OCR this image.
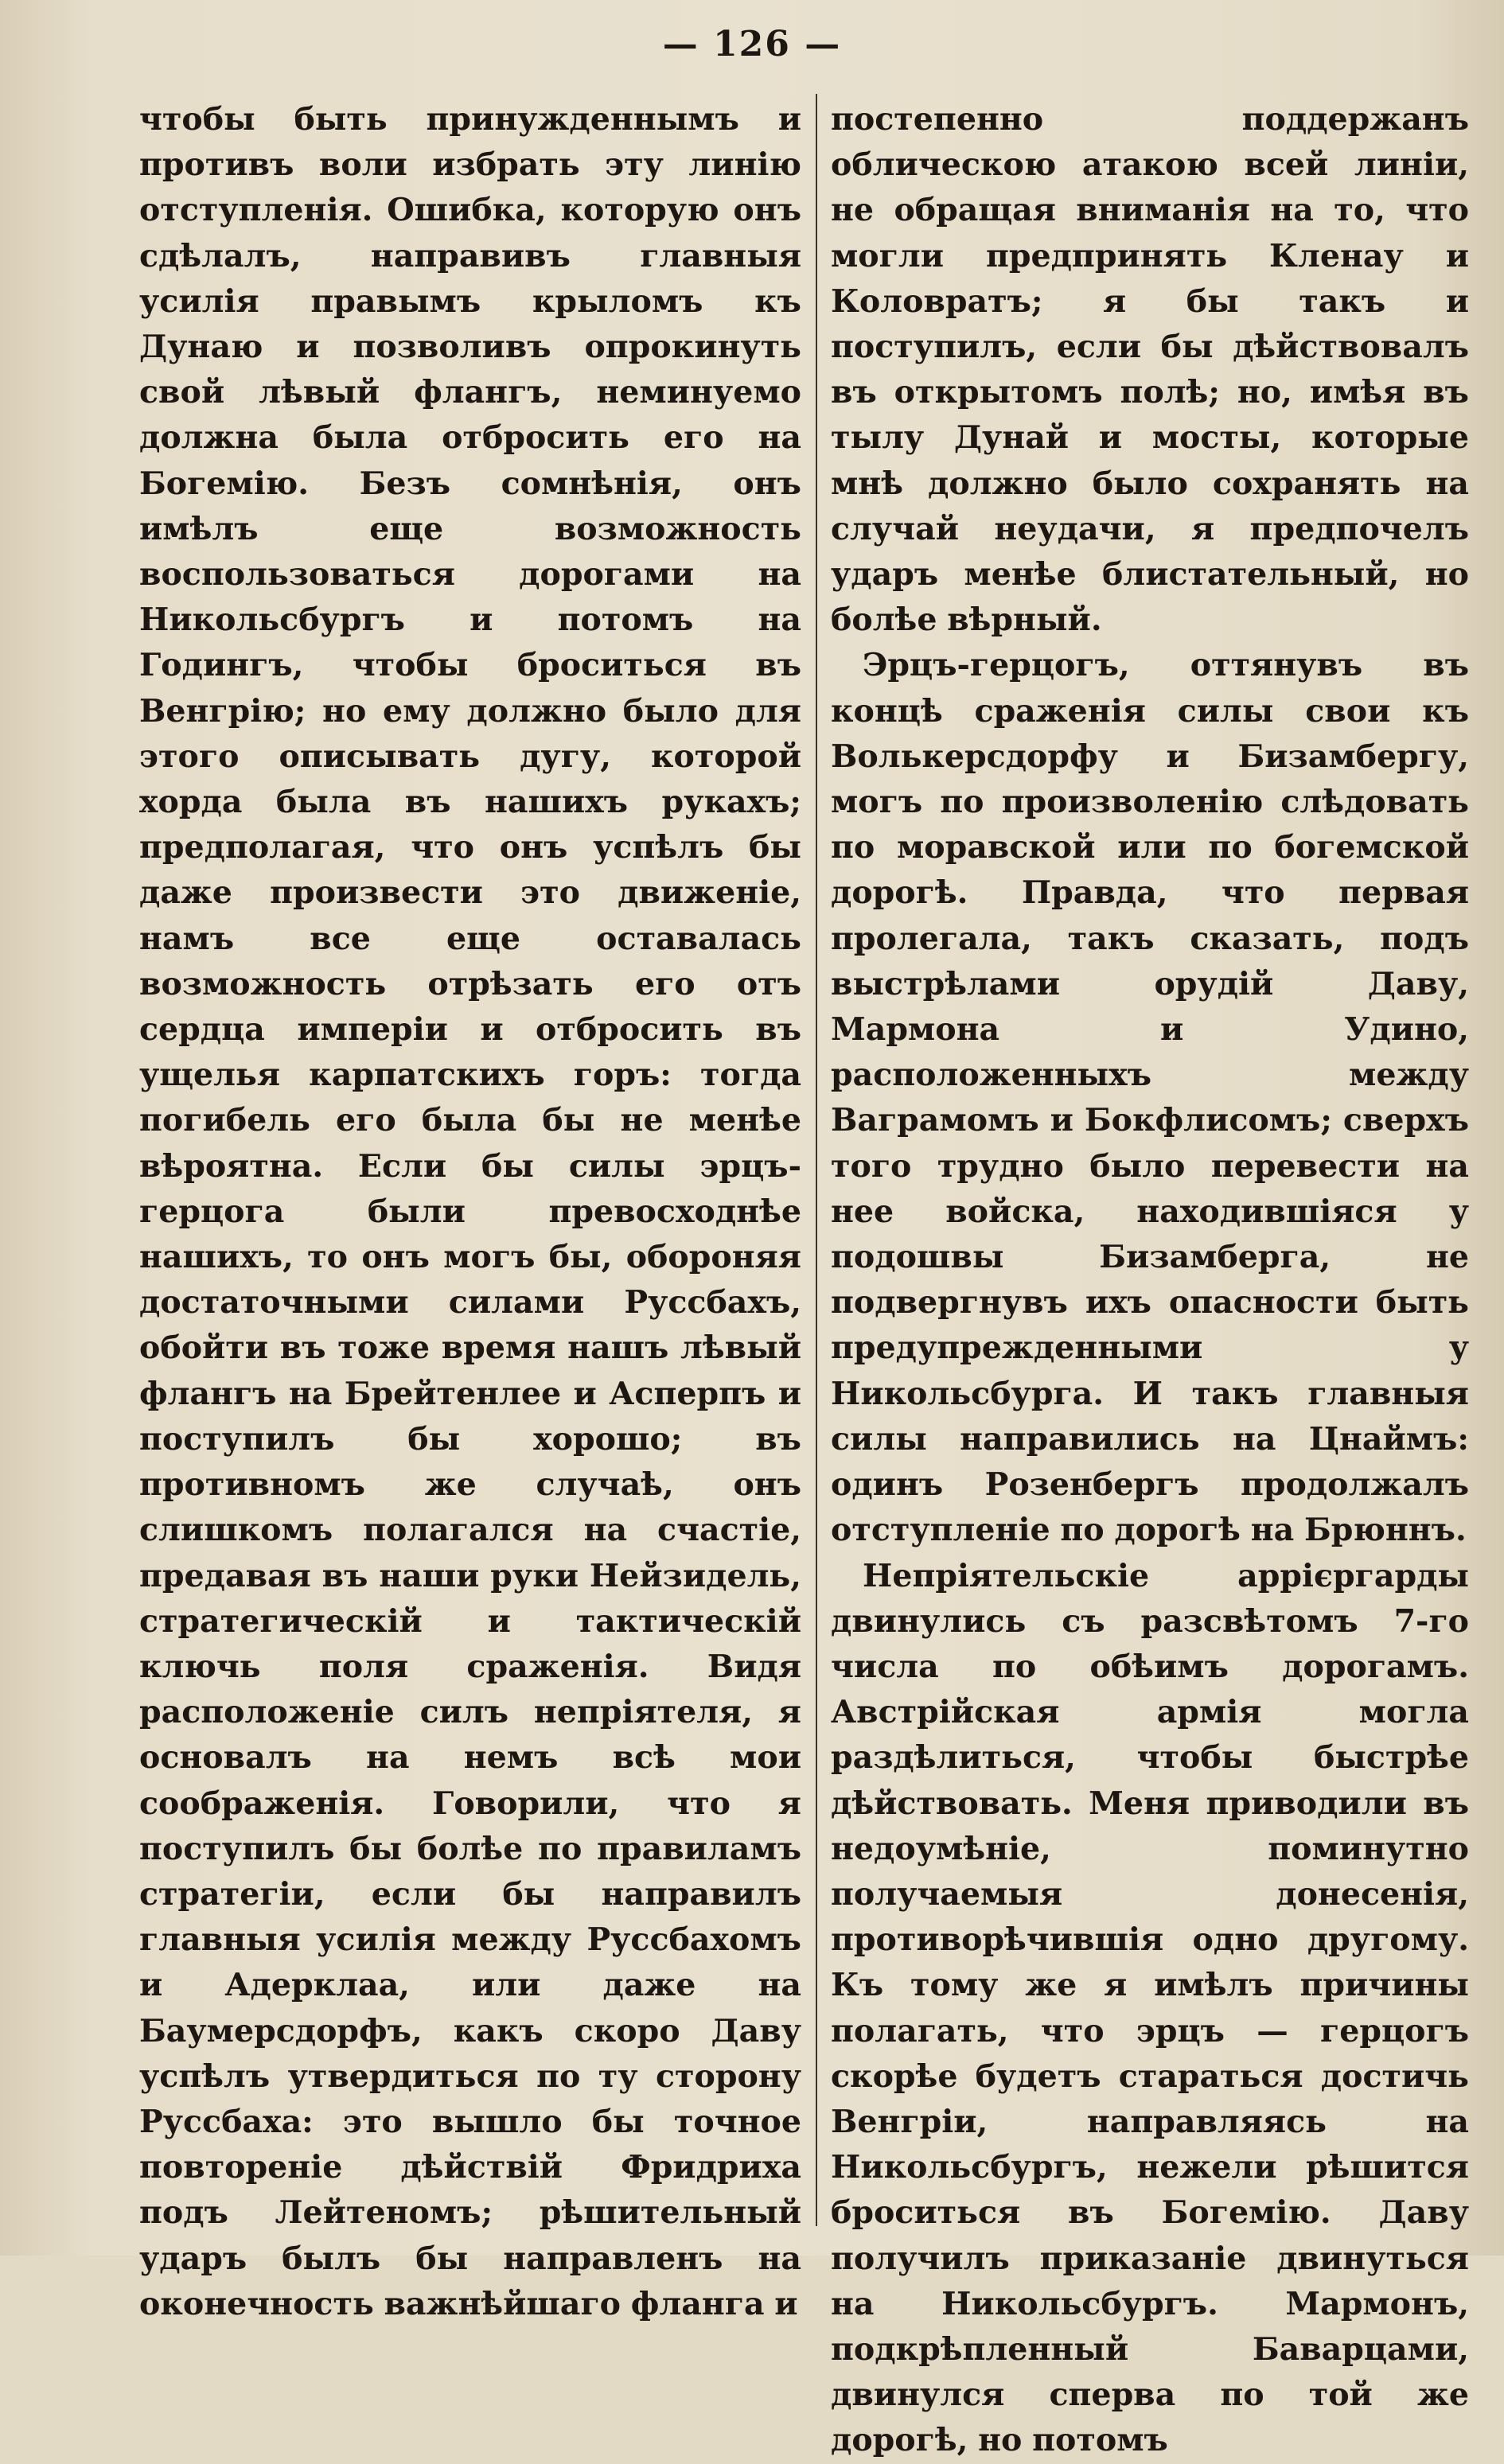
— 126 —

чтобы быть принужденнымъ и противъ воли избрать эту линію отступленія. Ошибка, которую онъ сдѣлалъ, направивъ главныя усилія правымъ крыломъ къ Дунаю и позволивъ опрокинуть свой лѣвый флангъ, неминуемо должна была отбросить его на Богемію. Безъ сомнѣнія, онъ имѣлъ еще возможность воспользоваться дорогами на Никольсбургъ и потомъ на Годингъ, чтобы броситься въ Венгрію; но ему должно было для этого описывать дугу, которой хорда была въ нашихъ рукахъ; предполагая, что онъ успѣлъ бы даже произвести это движеніе, намъ все еще оставалась возможность отрѣзать его отъ сердца имперіи и отбросить въ ущелья карпатскихъ горъ: тогда погибель его была бы не менѣе вѣроятна. Если бы силы эрцъ-герцога были превосходнѣе нашихъ, то онъ могъ бы, обороняя достаточными силами Руссбахъ, обойти въ тоже время нашъ лѣвый флангъ на Брейтенлее и Асперпъ и поступилъ бы хорошо; въ противномъ же случаѣ, онъ слишкомъ полагался на счастіе, предавая въ наши руки Нейзидель, стратегическій и тактическій ключь поля сраженія. Видя расположеніе силъ непріятеля, я основалъ на немъ всѣ мои соображенія. Говорили, что я поступилъ бы болѣе по правиламъ стратегіи, если бы направилъ главныя усилія между Руссбахомъ и Адерклаа, или даже на Баумерсдорфъ, какъ скоро Даву успѣлъ утвердиться по ту сторону Руссбаха: это вышло бы точное повтореніе дѣйствій Фридриха подъ Лейтеномъ; рѣшительный ударъ былъ бы направленъ на оконечность важнѣйшаго фланга и

постепенно поддержанъ облическою атакою всей линіи, не обращая вниманія на то, что могли предпринять Кленау и Коловратъ; я бы такъ и поступилъ, если бы дѣйствовалъ въ открытомъ полѣ; но, имѣя въ тылу Дунай и мосты, которые мнѣ должно было сохранять на случай неудачи, я предпочелъ ударъ менѣе блистательный, но болѣе вѣрный.

Эрцъ-герцогъ, оттянувъ въ концѣ сраженія силы свои къ Волькерсдорфу и Бизамбергу, могъ по произволенію слѣдовать по моравской или по богемской дорогѣ. Правда, что первая пролегала, такъ сказать, подъ выстрѣлами орудій Даву, Мармона и Удино, расположенныхъ между Ваграмомъ и Бокфлисомъ; сверхъ того трудно было перевести на нее войска, находившіяся у подошвы Бизамберга, не подвергнувъ ихъ опасности быть предупрежденными у Никольсбурга. И такъ главныя силы направились на Цнаймъ: одинъ Розенбергъ продолжалъ отступленіе по дорогѣ на Брюннъ.

Непріятельскіе аррієргарды двинулись съ разсвѣтомъ 7-го числа по обѣимъ дорогамъ. Австрійская армія могла раздѣлиться, чтобы быстрѣе дѣйствовать. Меня приводили въ недоумѣніе, поминутно получаемыя донесенія, противорѣчившія одно другому. Къ тому же я имѣлъ причины полагать, что эрцъ — герцогъ скорѣе будетъ стараться достичь Венгріи, направляясь на Никольсбургъ, нежели рѣшится броситься въ Богемію. Даву получилъ приказаніе двинуться на Никольсбургъ. Мармонъ, подкрѣпленный Баварцами, двинулся сперва по той же дорогѣ, но потомъ
